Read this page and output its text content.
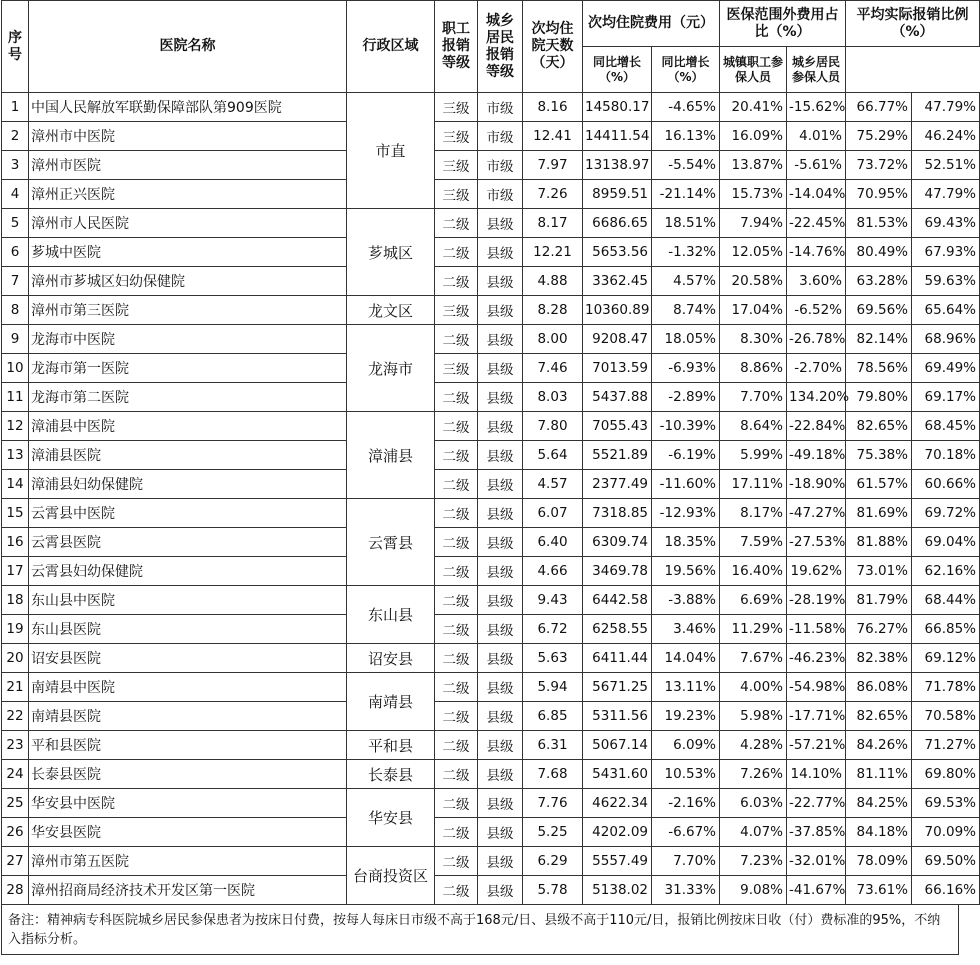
序号	医院名称	行政区域	职工报销等级	城乡居民报销等级	次均住院天数（天）	次均住院费用（元）		医保范围外费用占比（%）		平均实际报销比例（%）	
						同比增长（%）	同比增长（%）	城镇职工参保人员	城乡居民参保人员		
1	中国人民解放军联勤保障部队第909医院	市直	三级	市级	8.16	14580.17	-4.65%	20.41%	-15.62%	66.77%	47.79%
2	漳州市中医院		三级	市级	12.41	14411.54	16.13%	16.09%	4.01%	75.29%	46.24%
3	漳州市医院		三级	市级	7.97	13138.97	-5.54%	13.87%	-5.61%	73.72%	52.51%
4	漳州正兴医院		三级	市级	7.26	8959.51	-21.14%	15.73%	-14.04%	70.95%	47.79%
5	漳州市人民医院	芗城区	二级	县级	8.17	6686.65	18.51%	7.94%	-22.45%	81.53%	69.43%
6	芗城中医院		二级	县级	12.21	5653.56	-1.32%	12.05%	-14.76%	80.49%	67.93%
7	漳州市芗城区妇幼保健院		二级	县级	4.88	3362.45	4.57%	20.58%	3.60%	63.28%	59.63%
8	漳州市第三医院	龙文区	三级	县级	8.28	10360.89	8.74%	17.04%	-6.52%	69.56%	65.64%
9	龙海市中医院	龙海市	二级	县级	8.00	9208.47	18.05%	8.30%	-26.78%	82.14%	68.96%
10	龙海市第一医院		三级	县级	7.46	7013.59	-6.93%	8.86%	-2.70%	78.56%	69.49%
11	龙海市第二医院		二级	县级	8.03	5437.88	-2.89%	7.70%	134.20%	79.80%	69.17%
12	漳浦县中医院	漳浦县	二级	县级	7.80	7055.43	-10.39%	8.64%	-22.84%	82.65%	68.45%
13	漳浦县医院		二级	县级	5.64	5521.89	-6.19%	5.99%	-49.18%	75.38%	70.18%
14	漳浦县妇幼保健院		二级	县级	4.57	2377.49	-11.60%	17.11%	-18.90%	61.57%	60.66%
15	云霄县中医院	云霄县	二级	县级	6.07	7318.85	-12.93%	8.17%	-47.27%	81.69%	69.72%
16	云霄县医院		二级	县级	6.40	6309.74	18.35%	7.59%	-27.53%	81.88%	69.04%
17	云霄县妇幼保健院		二级	县级	4.66	3469.78	19.56%	16.40%	19.62%	73.01%	62.16%
18	东山县中医院	东山县	二级	县级	9.43	6442.58	-3.88%	6.69%	-28.19%	81.79%	68.44%
19	东山县医院		二级	县级	6.72	6258.55	3.46%	11.29%	-11.58%	76.27%	66.85%
20	诏安县医院	诏安县	二级	县级	5.63	6411.44	14.04%	7.67%	-46.23%	82.38%	69.12%
21	南靖县中医院	南靖县	二级	县级	5.94	5671.25	13.11%	4.00%	-54.98%	86.08%	71.78%
22	南靖县医院		二级	县级	6.85	5311.56	19.23%	5.98%	-17.71%	82.65%	70.58%
23	平和县医院	平和县	二级	县级	6.31	5067.14	6.09%	4.28%	-57.21%	84.26%	71.27%
24	长泰县医院	长泰县	二级	县级	7.68	5431.60	10.53%	7.26%	14.10%	81.11%	69.80%
25	华安县中医院	华安县	二级	县级	7.76	4622.34	-2.16%	6.03%	-22.77%	84.25%	69.53%
26	华安县医院		二级	县级	5.25	4202.09	-6.67%	4.07%	-37.85%	84.18%	70.09%
27	漳州市第五医院	台商投资区	二级	县级	6.29	5557.49	7.70%	7.23%	-32.01%	78.09%	69.50%
28	漳州招商局经济技术开发区第一医院		二级	县级	5.78	5138.02	31.33%	9.08%	-41.67%	73.61%	66.16%
备注：精神病专科医院城乡居民参保患者为按床日付费，按每人每床日市级不高于168元/日、县级不高于110元/日，报销比例按床日收（付）费标准的95%，不纳入指标分析。
